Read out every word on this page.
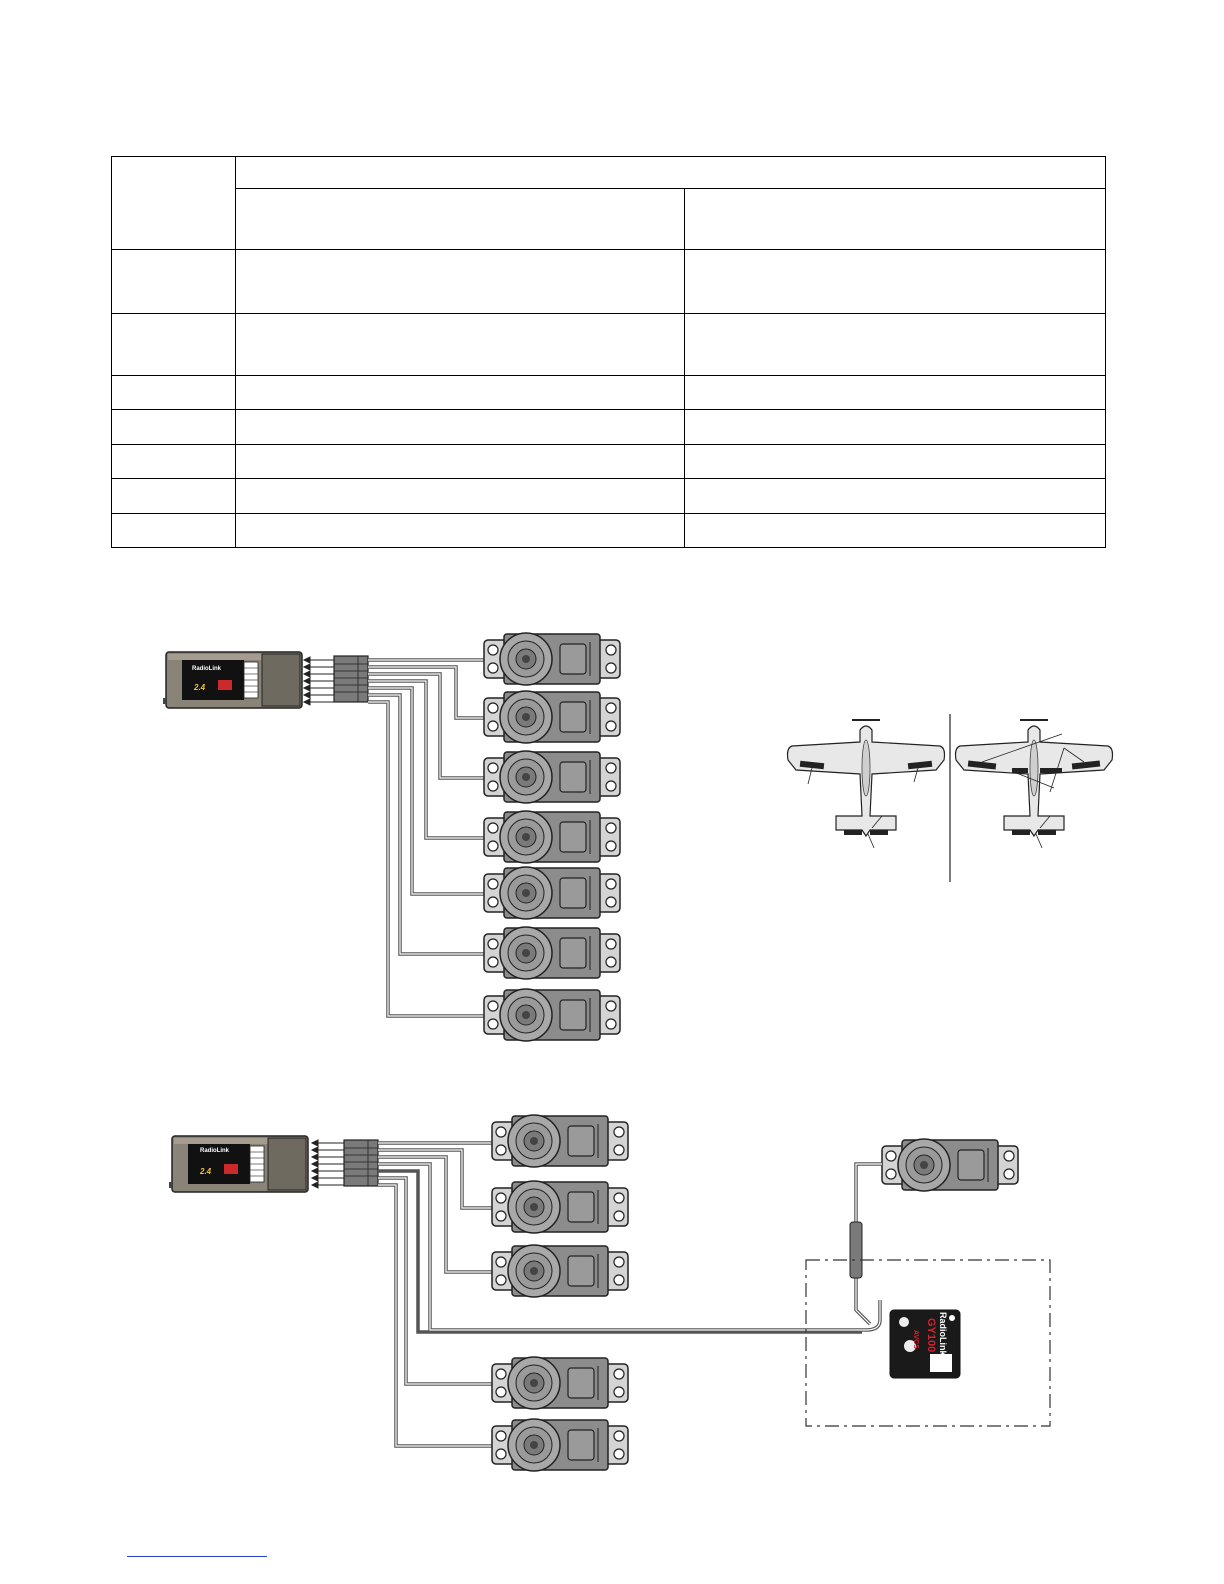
RadioLink
2.4
RadioLink
2.4
RadioLink
GY100
AVCS
